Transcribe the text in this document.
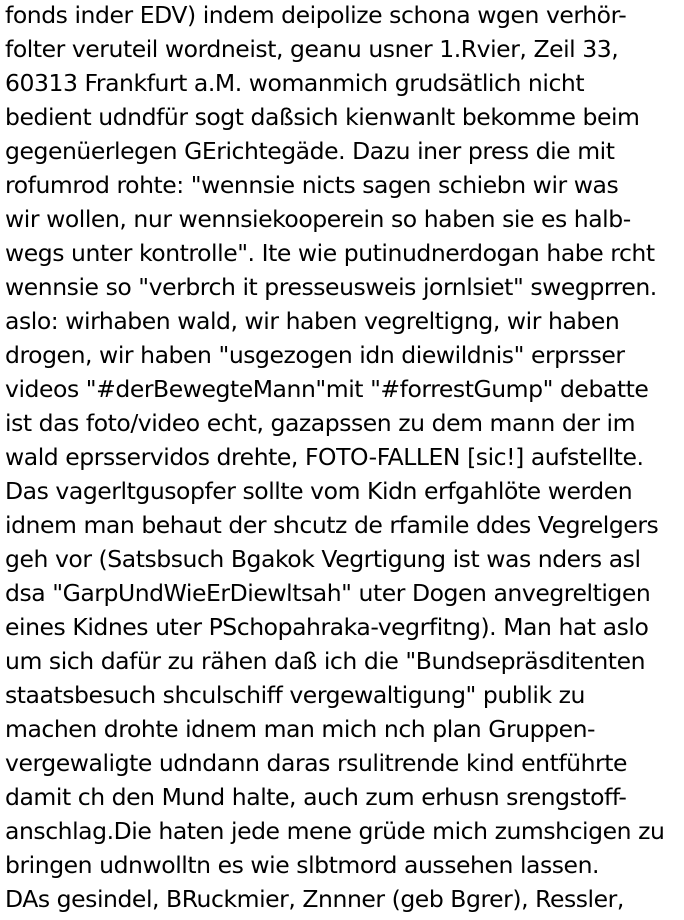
fonds inder EDV) indem deipolize schona wgen verhör-
folter veruteil wordneist, geanu usner 1.Rvier, Zeil 33,
60313 Frankfurt a.M. womanmich grudsätlich nicht
bedient udndfür sogt daßsich kienwanlt bekomme beim
gegenüerlegen GErichtegäde. Dazu iner press die mit
rofumrod rohte: "wennsie nicts sagen schiebn wir was
wir wollen, nur wennsiekooperein so haben sie es halb-
wegs unter kontrolle". Ite wie putinudnerdogan habe rcht
wennsie so "verbrch it presseusweis jornlsiet" swegprren.
aslo: wirhaben wald, wir haben vegreltigng, wir haben
drogen, wir haben "usgezogen idn diewildnis" erprsser
videos "#derBewegteMann"mit "#forrestGump" debatte
ist das foto/video echt, gazapssen zu dem mann der im
wald eprsservidos drehte, FOTO-FALLEN [sic!] aufstellte.
Das vagerltgusopfer sollte vom Kidn erfgahlöte werden
idnem man behaut der shcutz de rfamile ddes Vegrelgers
geh vor (Satsbsuch Bgakok Vegrtigung ist was nders asl
dsa "GarpUndWieErDiewltsah" uter Dogen anvegreltigen
eines Kidnes uter PSchopahraka-vegrfitng). Man hat aslo
um sich dafür zu rähen daß ich die "Bundsepräsditenten
staatsbesuch shculschiff vergewaltigung" publik zu
machen drohte idnem man mich nch plan Gruppen-
vergewaligte udndann daras rsulitrende kind entführte
damit ch den Mund halte, auch zum erhusn srengstoff-
anschlag.Die haten jede mene grüde mich zumshcigen zu
bringen udnwolltn es wie slbtmord aussehen lassen.
DAs gesindel, BRuckmier, Znnner (geb Bgrer), Ressler,
